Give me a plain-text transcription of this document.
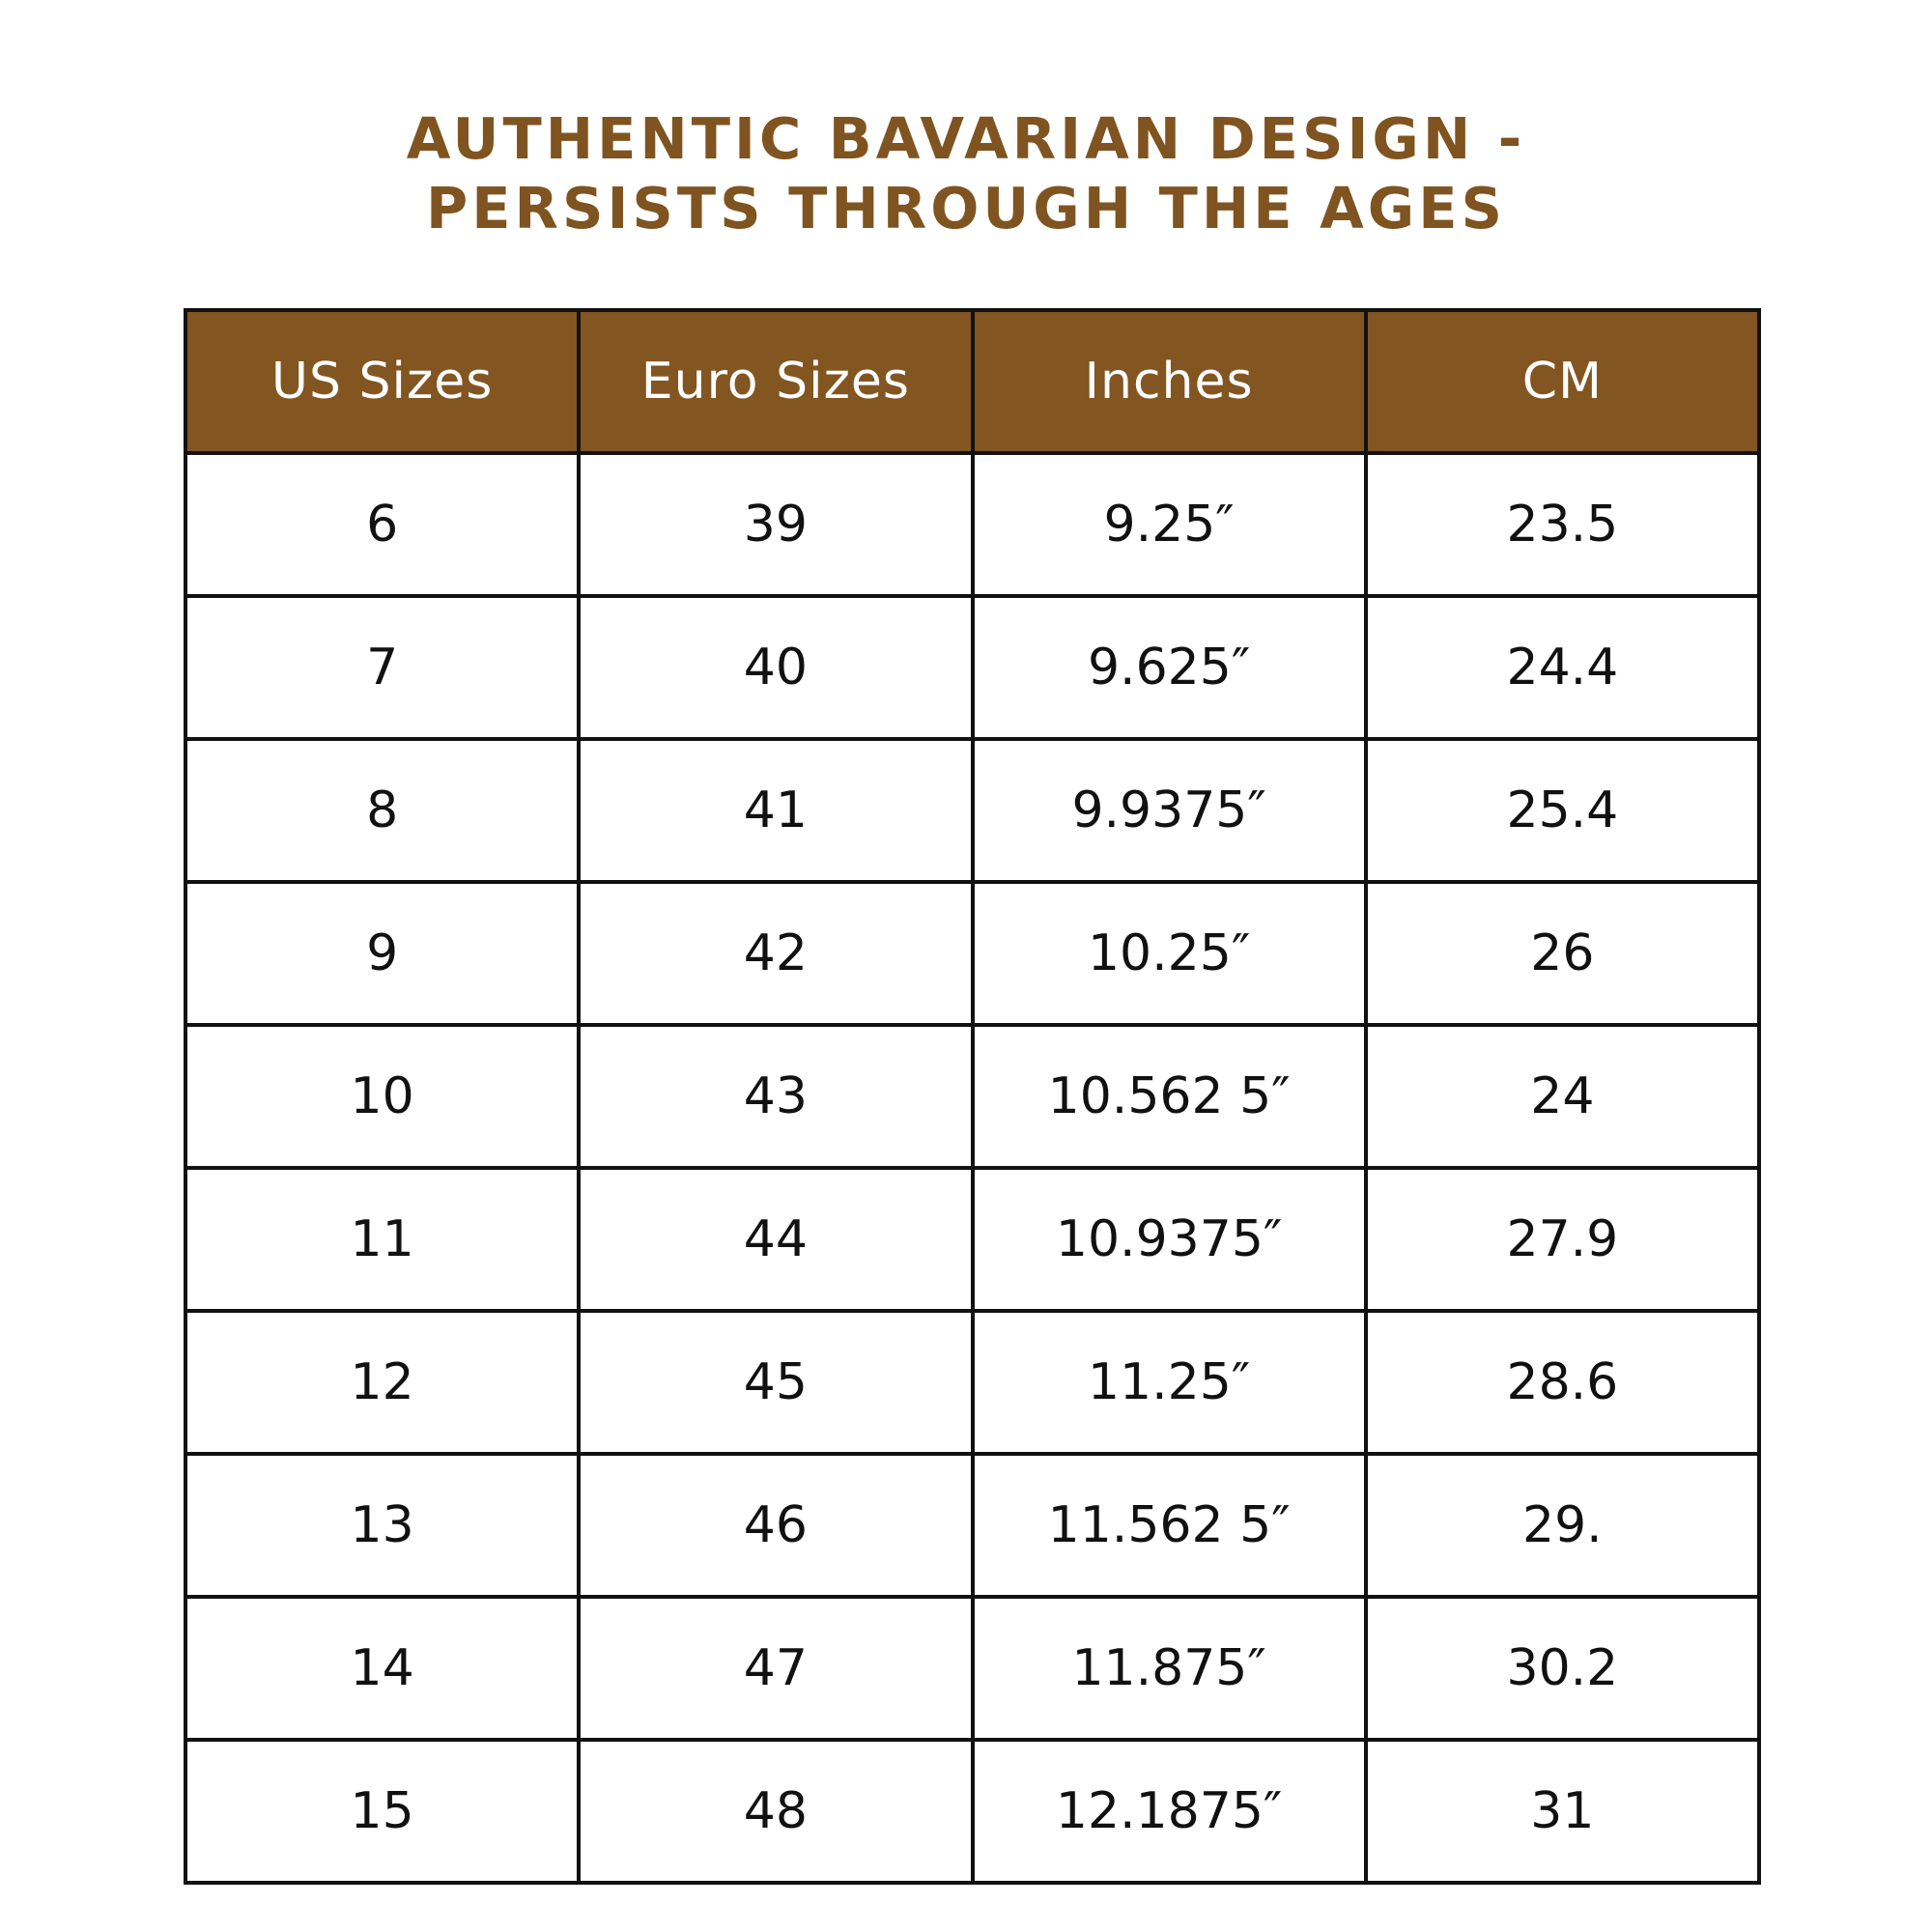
AUTHENTIC BAVARIAN DESIGN -
PERSISTS THROUGH THE AGES
US Sizes	Euro Sizes	Inches	CM
6	39	9.25″	23.5
7	40	9.625″	24.4
8	41	9.9375″	25.4
9	42	10.25″	26
10	43	10.562 5″	24
11	44	10.9375″	27.9
12	45	11.25″	28.6
13	46	11.562 5″	29.
14	47	11.875″	30.2
15	48	12.1875″	31
